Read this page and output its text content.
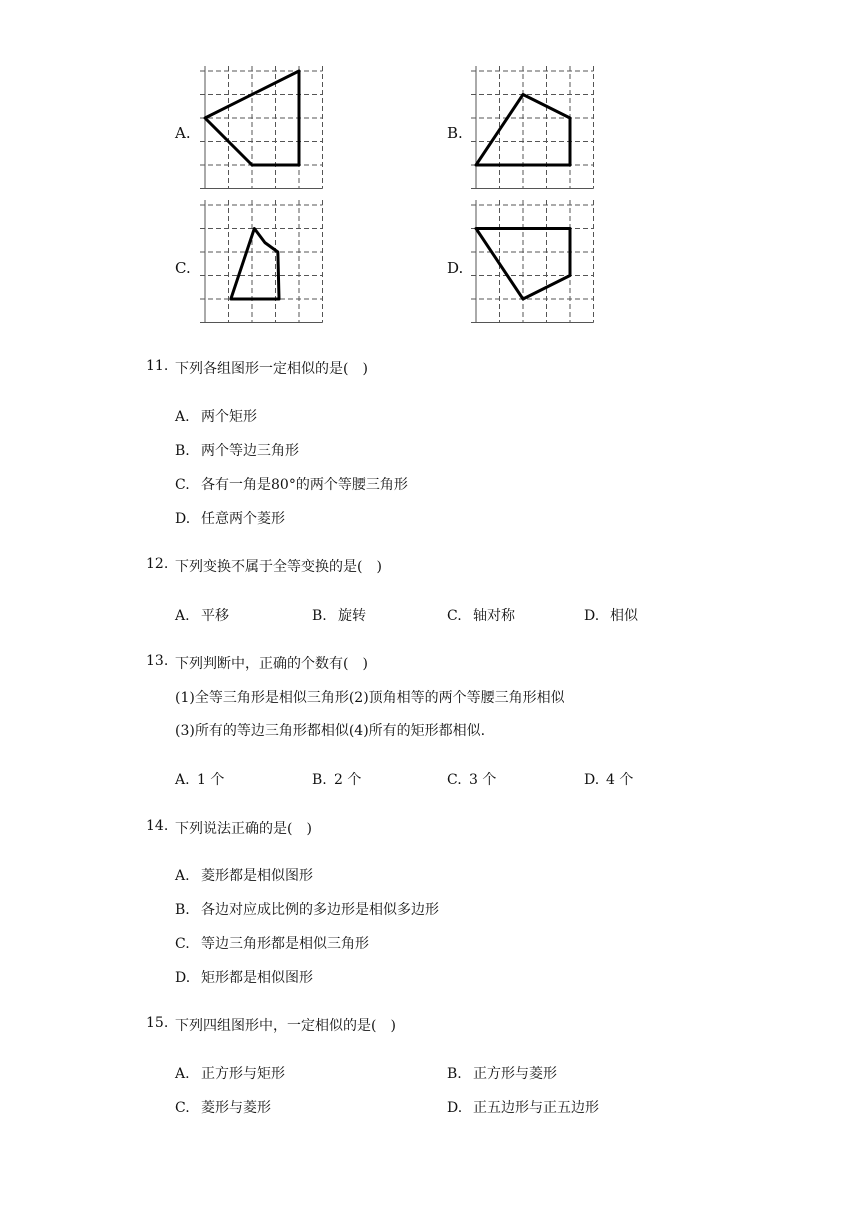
A.	B.
C.	D.
11. 下列各组图形一定相似的是(  )
A. 两个矩形
B. 两个等边三角形
C. 各有一角是80°的两个等腰三角形
D. 任意两个菱形
12. 下列变换不属于全等变换的是(  )
A. 平移	B. 旋转	C. 轴对称	D. 相似
13. 下列判断中，正确的个数有(  )
(1)全等三角形是相似三角形(2)顶角相等的两个等腰三角形相似
(3)所有的等边三角形都相似(4)所有的矩形都相似.
A. 1 个	B. 2 个	C. 3 个	D. 4 个
14. 下列说法正确的是(  )
A. 菱形都是相似图形
B. 各边对应成比例的多边形是相似多边形
C. 等边三角形都是相似三角形
D. 矩形都是相似图形
15. 下列四组图形中，一定相似的是(  )
A. 正方形与矩形	B. 正方形与菱形
C. 菱形与菱形	D. 正五边形与正五边形
